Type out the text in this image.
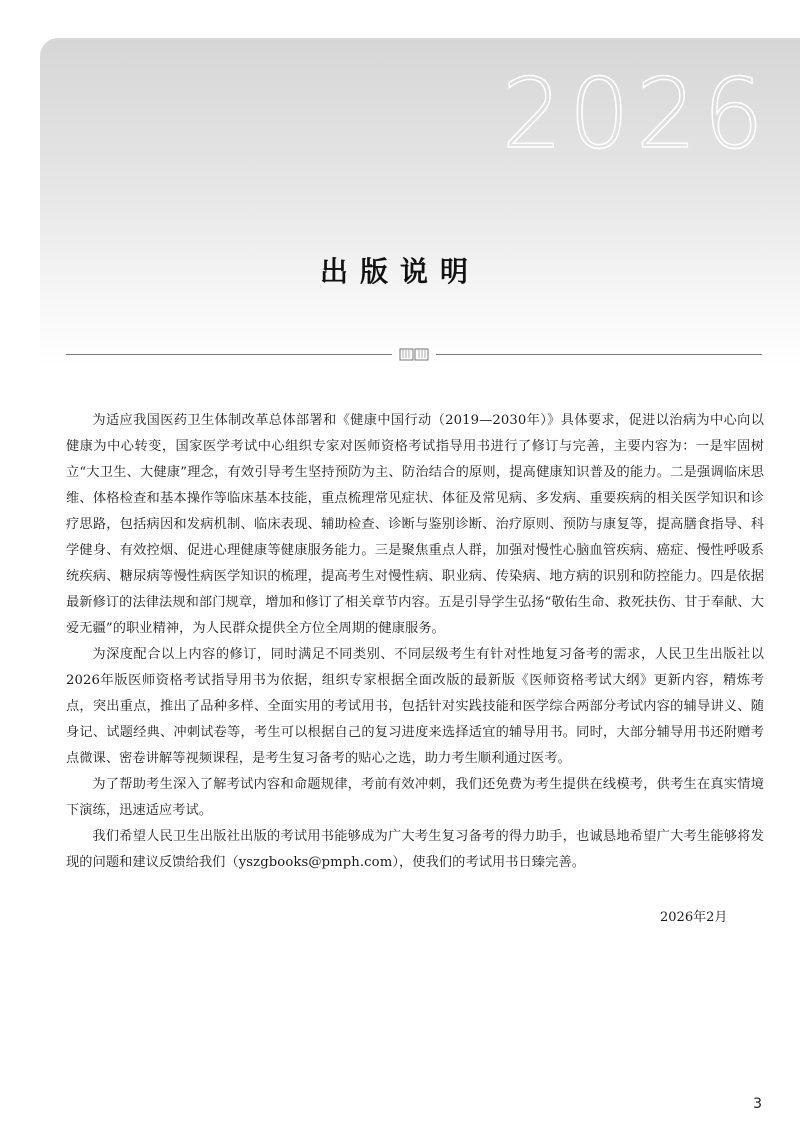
2026
出版说明

为适应我国医药卫生体制改革总体部署和《健康中国行动（2019—2030年）》具体要求，促进以治病为中心向以健康为中心转变，国家医学考试中心组织专家对医师资格考试指导用书进行了修订与完善，主要内容为：一是牢固树立“大卫生、大健康”理念，有效引导考生坚持预防为主、防治结合的原则，提高健康知识普及的能力。二是强调临床思维、体格检查和基本操作等临床基本技能，重点梳理常见症状、体征及常见病、多发病、重要疾病的相关医学知识和诊疗思路，包括病因和发病机制、临床表现、辅助检查、诊断与鉴别诊断、治疗原则、预防与康复等，提高膳食指导、科学健身、有效控烟、促进心理健康等健康服务能力。三是聚焦重点人群，加强对慢性心脑血管疾病、癌症、慢性呼吸系统疾病、糖尿病等慢性病医学知识的梳理，提高考生对慢性病、职业病、传染病、地方病的识别和防控能力。四是依据最新修订的法律法规和部门规章，增加和修订了相关章节内容。五是引导学生弘扬“敬佑生命、救死扶伤、甘于奉献、大爱无疆”的职业精神，为人民群众提供全方位全周期的健康服务。

为深度配合以上内容的修订，同时满足不同类别、不同层级考生有针对性地复习备考的需求，人民卫生出版社以2026年版医师资格考试指导用书为依据，组织专家根据全面改版的最新版《医师资格考试大纲》更新内容，精炼考点，突出重点，推出了品种多样、全面实用的考试用书，包括针对实践技能和医学综合两部分考试内容的辅导讲义、随身记、试题经典、冲刺试卷等，考生可以根据自己的复习进度来选择适宜的辅导用书。同时，大部分辅导用书还附赠考点微课、密卷讲解等视频课程，是考生复习备考的贴心之选，助力考生顺利通过医考。

为了帮助考生深入了解考试内容和命题规律，考前有效冲刺，我们还免费为考生提供在线模考，供考生在真实情境下演练，迅速适应考试。

我们希望人民卫生出版社出版的考试用书能够成为广大考生复习备考的得力助手，也诚恳地希望广大考生能够将发现的问题和建议反馈给我们（yszgbooks@pmph.com），使我们的考试用书日臻完善。

2026年2月
3
